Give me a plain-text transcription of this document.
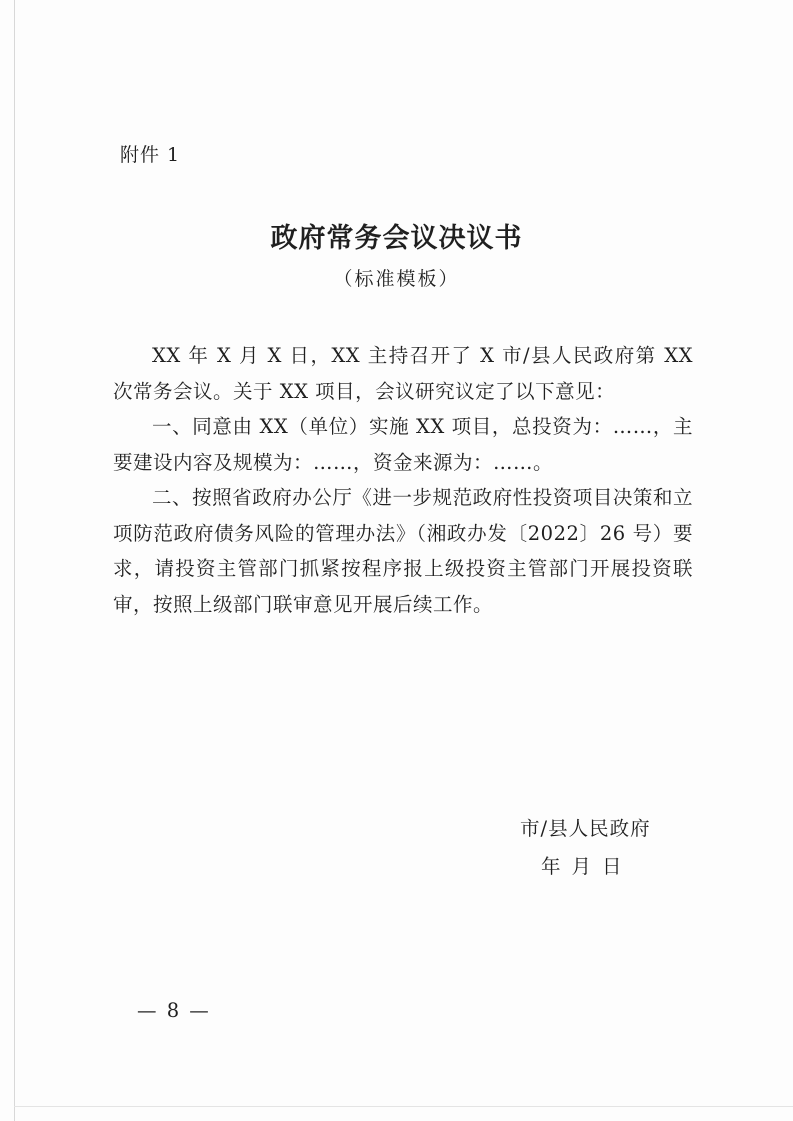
附件 1
政府常务会议决议书
（标准模板）

XX 年 X 月 X 日，XX 主持召开了 X 市/县人民政府第 XX 次常务会议。关于 XX 项目，会议研究议定了以下意见：

一、同意由 XX（单位）实施 XX 项目，总投资为：……，主要建设内容及规模为：……，资金来源为：……。

二、按照省政府办公厅《进一步规范政府性投资项目决策和立项防范政府债务风险的管理办法》（湘政办发〔2022〕26 号）要求，请投资主管部门抓紧按程序报上级投资主管部门开展投资联审，按照上级部门联审意见开展后续工作。

市/县人民政府
年 月 日
— 8 —
